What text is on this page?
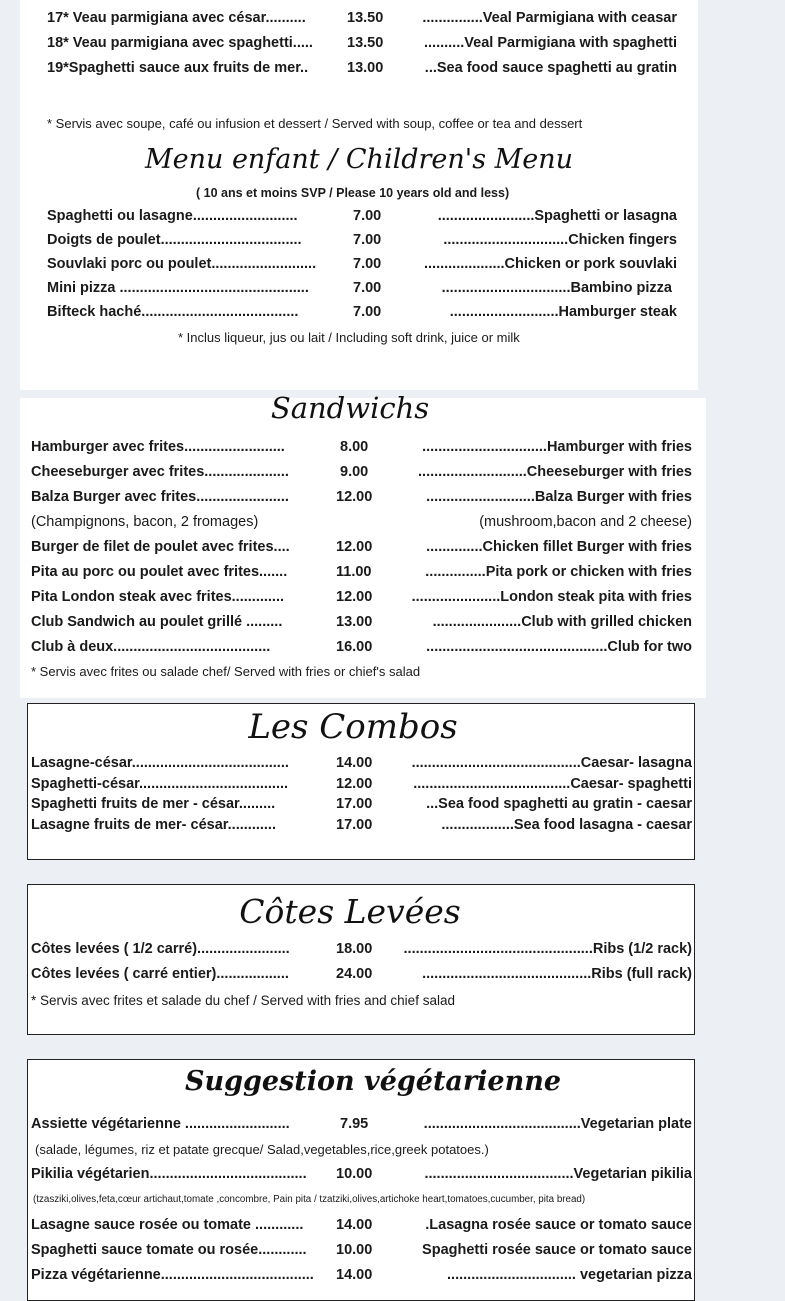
17* Veau parmigiana avec césar..........	13.50	...............Veal Parmigiana with ceasar
18* Veau parmigiana avec spaghetti..... 13.50	..........Veal Parmigiana with spaghetti
19*Spaghetti sauce aux fruits de mer..	13.00	...Sea food sauce spaghetti au gratin
* Servis avec soupe, café ou infusion et dessert / Served with soup, coffee or tea and dessert
Menu enfant / Children's Menu
( 10 ans et moins SVP / Please 10 years old and less)
Spaghetti ou lasagne..........................	7.00	........................Spaghetti or lasagna
Doigts de poulet...................................	7.00	...............................Chicken fingers
Souvlaki porc ou poulet..........................	7.00	....................Chicken or pork souvlaki
Mini pizza ...............................................	7.00	................................Bambino pizza
Bifteck haché.......................................	7.00	...........................Hamburger steak
* Inclus liqueur, jus ou lait / Including soft drink, juice or milk
Sandwichs
Hamburger avec frites.........................	8.00	...............................Hamburger with fries
Cheeseburger avec frites.....................	9.00	...........................Cheeseburger with fries
Balza Burger avec frites.......................	12.00	...........................Balza Burger with fries
(Champignons, bacon, 2 fromages)	(mushroom,bacon and 2 cheese)
Burger de filet de poulet avec frites....	12.00	..............Chicken fillet Burger with fries
Pita au porc ou poulet avec frites.......	11.00	...............Pita pork or chicken with fries
Pita London steak avec frites.............	12.00	......................London steak pita with fries
Club Sandwich au poulet grillé .........	13.00	......................Club with grilled chicken
Club à deux.......................................	16.00	.............................................Club for two
* Servis avec frites ou salade chef/ Served with fries or chief's salad
Les Combos
Lasagne-césar.......................................	14.00	..........................................Caesar- lasagna
Spaghetti-césar.....................................	12.00	.......................................Caesar- spaghetti
Spaghetti fruits de mer - césar.........	17.00	...Sea food spaghetti au gratin - caesar
Lasagne fruits de mer- césar............	17.00	..................Sea food lasagna - caesar
Côtes Levées
Côtes levées ( 1/2 carré).......................	18.00 ...............................................Ribs (1/2 rack)
Côtes levées ( carré entier)..................	24.00	..........................................Ribs (full rack)
* Servis avec frites et salade du chef / Served with fries and chief salad
Suggestion végétarienne
Assiette végétarienne ..........................	7.95	.......................................Vegetarian plate
(salade, légumes, riz et patate grecque/ Salad,vegetables,rice,greek potatoes.)
Pikilia végétarien....................................... 10.00	.....................................Vegetarian pikilia
(tzasziki,olives,feta,cœur artichaut,tomate ,concombre, Pain pita / tzatziki,olives,artichoke heart,tomatoes,cucumber, pita bread)
Lasagne sauce rosée ou tomate ............ 14.00	.Lasagna rosée sauce or tomato sauce
Spaghetti sauce tomate ou rosée............ 10.00	Spaghetti rosée sauce or tomato sauce
Pizza végétarienne...................................... 14.00	................................ vegetarian pizza
